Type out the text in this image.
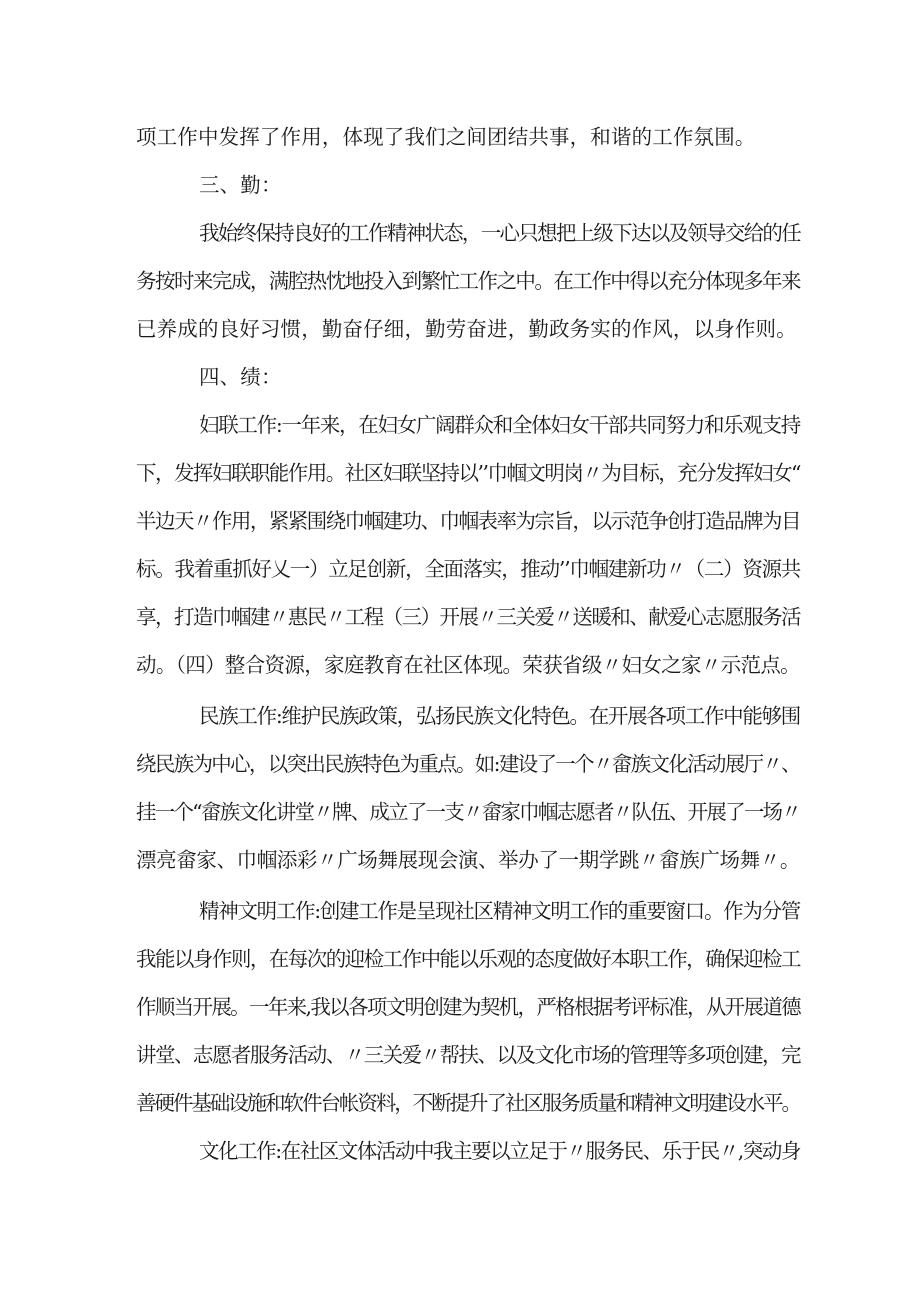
项工作中发挥了作用，体现了我们之间团结共事，和谐的工作氛围。
三、勤：
我始终保持良好的工作精神状态，一心只想把上级下达以及领导交给的任
务按时来完成，满腔热忱地投入到繁忙工作之中。在工作中得以充分体现多年来
已养成的良好习惯，勤奋仔细，勤劳奋进，勤政务实的作风，以身作则。
四、绩：
妇联工作:一年来，在妇女广阔群众和全体妇女干部共同努力和乐观支持
下，发挥妇联职能作用。社区妇联坚持以’’巾帼文明岗〃为目标，充分发挥妇女“
半边天〃作用，紧紧围绕巾帼建功、巾帼表率为宗旨，以示范争创打造品牌为目
标。我着重抓好乂一）立足创新，全面落实，推动’’巾帼建新功〃（二）资源共
享，打造巾帼建〃惠民〃工程（三）开展〃三关爱〃送暖和、献爱心志愿服务活
动。（四）整合资源，家庭教育在社区体现。荣获省级〃妇女之家〃示范点。
民族工作:维护民族政策，弘扬民族文化特色。在开展各项工作中能够围
绕民族为中心，以突出民族特色为重点。如:建设了一个〃畲族文化活动展厅〃、
挂一个“畲族文化讲堂〃牌、成立了一支〃畲家巾帼志愿者〃队伍、开展了一场〃
漂亮畲家、巾帼添彩〃广场舞展现会演、举办了一期学跳〃畲族广场舞〃。
精神文明工作:创建工作是呈现社区精神文明工作的重要窗口。作为分管
我能以身作则，在每次的迎检工作中能以乐观的态度做好本职工作，确保迎检工
作顺当开展。一年来,我以各项文明创建为契机，严格根据考评标准，从开展道德
讲堂、志愿者服务活动、〃三关爱〃帮扶、以及文化市场的管理等多项创建，完
善硬件基础设施和软件台帐资料，不断提升了社区服务质量和精神文明建设水平。
文化工作:在社区文体活动中我主要以立足于〃服务民、乐于民〃,突动身
